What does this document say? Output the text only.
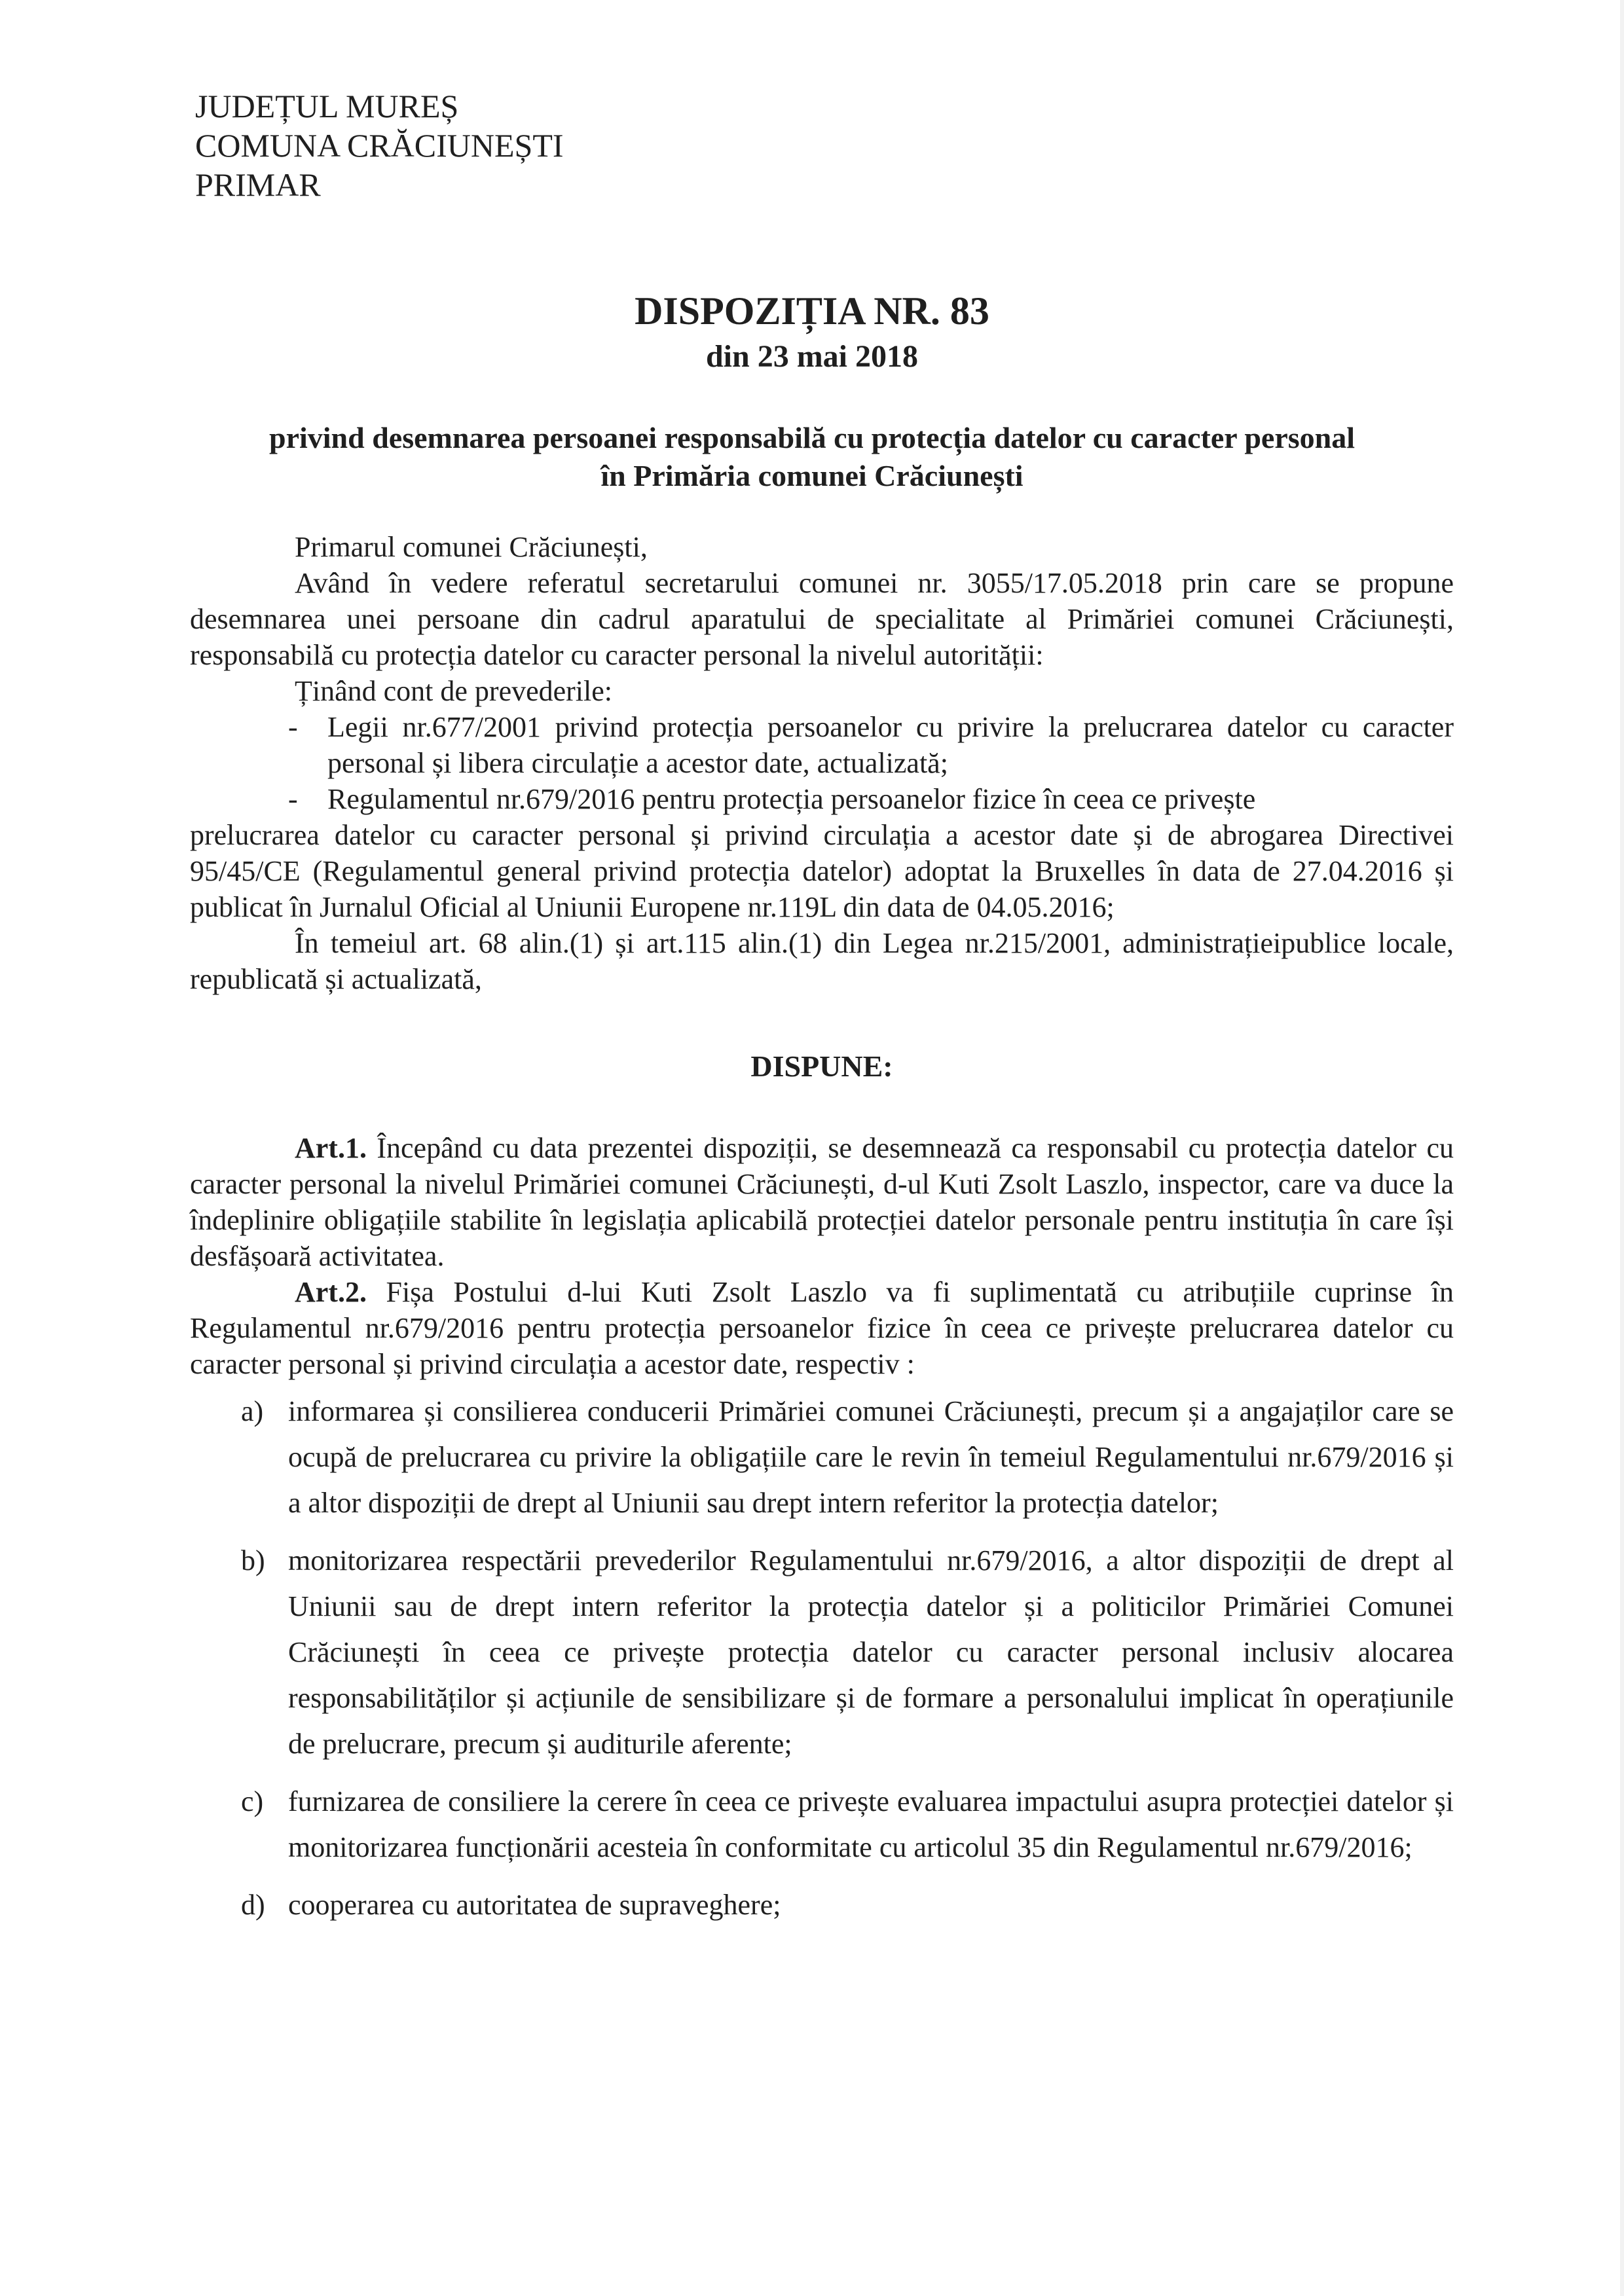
JUDEȚUL MUREȘ
COMUNA CRĂCIUNEȘTI
PRIMAR
DISPOZIȚIA NR. 83
din 23 mai 2018
privind desemnarea persoanei responsabilă cu protecția datelor cu caracter personal
în Primăria comunei Crăciunești

Primarul comunei Crăciunești,

Având în vedere referatul secretarului comunei nr. 3055/17.05.2018 prin care se propune desemnarea unei persoane din cadrul aparatului de specialitate al Primăriei comunei Crăciunești, responsabilă cu protecția datelor cu caracter personal la nivelul autorității:

Ținând cont de prevederile:

- Legii nr.677/2001 privind protecția persoanelor cu privire la prelucrarea datelor cu caracter personal și libera circulație a acestor date, actualizată;
- Regulamentul nr.679/2016 pentru protecția persoanelor fizice în ceea ce privește

prelucrarea datelor cu caracter personal și privind circulația a acestor date și de abrogarea Directivei 95/45/CE (Regulamentul general privind protecția datelor) adoptat la Bruxelles în data de 27.04.2016 și publicat în Jurnalul Oficial al Uniunii Europene nr.119L din data de 04.05.2016;

În temeiul art. 68 alin.(1) și art.115 alin.(1) din Legea nr.215/2001, administrațieipublice locale, republicată și actualizată,

DISPUNE:

Art.1. Începând cu data prezentei dispoziții, se desemnează ca responsabil cu protecția datelor cu caracter personal la nivelul Primăriei comunei Crăciunești, d-ul Kuti Zsolt Laszlo, inspector, care va duce la îndeplinire obligațiile stabilite în legislația aplicabilă protecției datelor personale pentru instituția în care își desfășoară activitatea.

Art.2. Fișa Postului d-lui Kuti Zsolt Laszlo va fi suplimentată cu atribuțiile cuprinse în Regulamentul nr.679/2016 pentru protecția persoanelor fizice în ceea ce privește prelucrarea datelor cu caracter personal și privind circulația a acestor date, respectiv :

a) informarea și consilierea conducerii Primăriei comunei Crăciunești, precum și a angajaților care se ocupă de prelucrarea cu privire la obligațiile care le revin în temeiul Regulamentului nr.679/2016 și a altor dispoziții de drept al Uniunii sau drept intern referitor la protecția datelor;
b) monitorizarea respectării prevederilor Regulamentului nr.679/2016, a altor dispoziții de drept al Uniunii sau de drept intern referitor la protecția datelor și a politicilor Primăriei Comunei Crăciunești în ceea ce privește protecția datelor cu caracter personal inclusiv alocarea responsabilităților și acțiunile de sensibilizare și de formare a personalului implicat în operațiunile de prelucrare, precum și auditurile aferente;
c) furnizarea de consiliere la cerere în ceea ce privește evaluarea impactului asupra protecției datelor și monitorizarea funcționării acesteia în conformitate cu articolul 35 din Regulamentul nr.679/2016;
d) cooperarea cu autoritatea de supraveghere;
